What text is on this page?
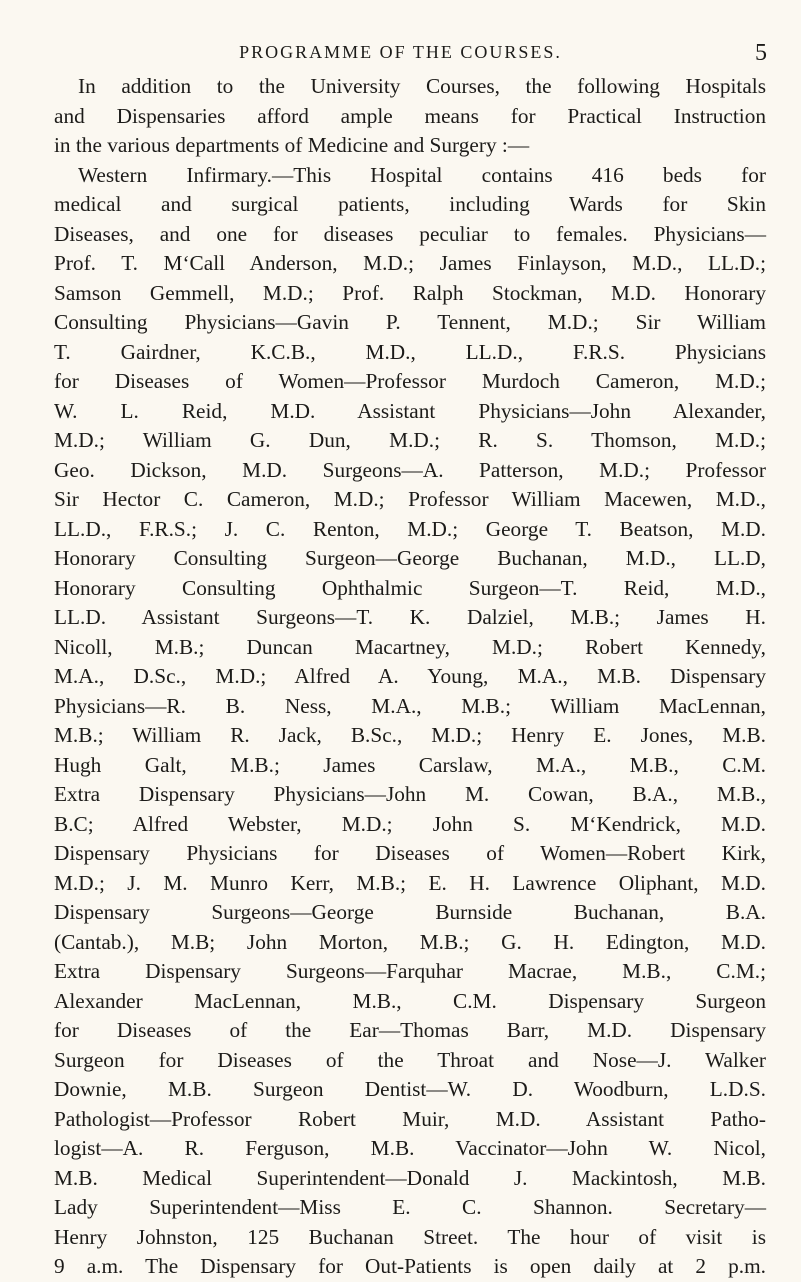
PROGRAMME OF THE COURSES.	5
In addition to the University Courses, the following Hospitals
and Dispensaries afford ample means for Practical Instruction
in the various departments of Medicine and Surgery :—
Western Infirmary.—This Hospital contains 416 beds for
medical and surgical patients, including Wards for Skin
Diseases, and one for diseases peculiar to females. Physicians—
Prof. T. M‘Call Anderson, M.D.; James Finlayson, M.D., LL.D.;
Samson Gemmell, M.D.; Prof. Ralph Stockman, M.D. Honorary
Consulting Physicians—Gavin P. Tennent, M.D.; Sir William
T. Gairdner, K.C.B., M.D., LL.D., F.R.S. Physicians
for Diseases of Women—Professor Murdoch Cameron, M.D.;
W. L. Reid, M.D. Assistant Physicians—John Alexander,
M.D.; William G. Dun, M.D.; R. S. Thomson, M.D.;
Geo. Dickson, M.D. Surgeons—A. Patterson, M.D.; Professor
Sir Hector C. Cameron, M.D.; Professor William Macewen, M.D.,
LL.D., F.R.S.; J. C. Renton, M.D.; George T. Beatson, M.D.
Honorary Consulting Surgeon—George Buchanan, M.D., LL.D,
Honorary Consulting Ophthalmic Surgeon—T. Reid, M.D.,
LL.D. Assistant Surgeons—T. K. Dalziel, M.B.; James H.
Nicoll, M.B.; Duncan Macartney, M.D.; Robert Kennedy,
M.A., D.Sc., M.D.; Alfred A. Young, M.A., M.B. Dispensary
Physicians—R. B. Ness, M.A., M.B.; William MacLennan,
M.B.; William R. Jack, B.Sc., M.D.; Henry E. Jones, M.B.
Hugh Galt, M.B.; James Carslaw, M.A., M.B., C.M.
Extra Dispensary Physicians—John M. Cowan, B.A., M.B.,
B.C; Alfred Webster, M.D.; John S. M‘Kendrick, M.D.
Dispensary Physicians for Diseases of Women—Robert Kirk,
M.D.; J. M. Munro Kerr, M.B.; E. H. Lawrence Oliphant, M.D.
Dispensary Surgeons—George Burnside Buchanan, B.A.
(Cantab.), M.B; John Morton, M.B.; G. H. Edington, M.D.
Extra Dispensary Surgeons—Farquhar Macrae, M.B., C.M.;
Alexander MacLennan, M.B., C.M. Dispensary Surgeon
for Diseases of the Ear—Thomas Barr, M.D. Dispensary
Surgeon for Diseases of the Throat and Nose—J. Walker
Downie, M.B. Surgeon Dentist—W. D. Woodburn, L.D.S.
Pathologist—Professor Robert Muir, M.D. Assistant Patho-
logist—A. R. Ferguson, M.B. Vaccinator—John W. Nicol,
M.B. Medical Superintendent—Donald J. Mackintosh, M.B.
Lady Superintendent—Miss E. C. Shannon. Secretary—
Henry Johnston, 125 Buchanan Street. The hour of visit is
9 a.m. The Dispensary for Out-Patients is open daily at 2 p.m.
